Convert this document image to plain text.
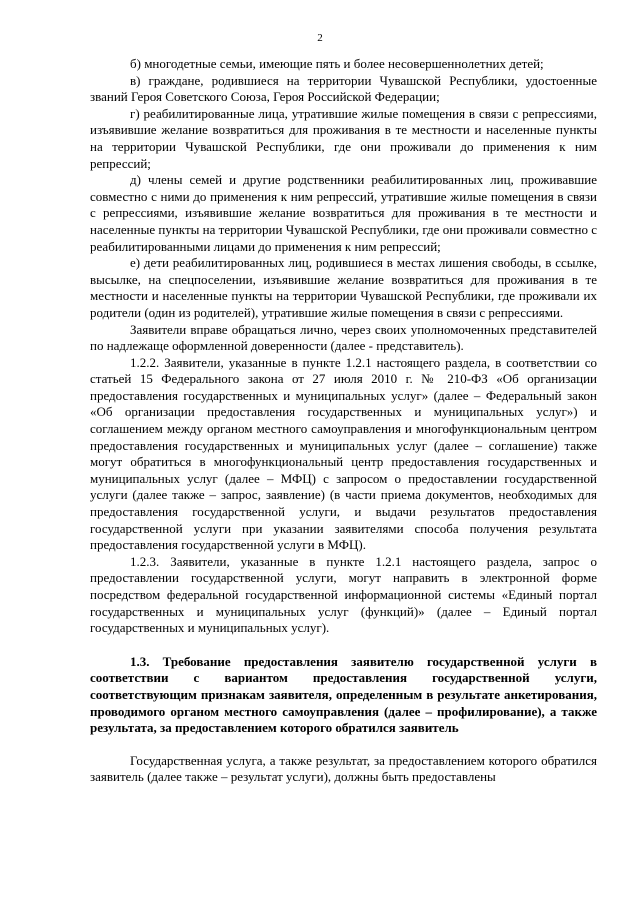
2

б) многодетные семьи, имеющие пять и более несовершеннолетних детей;

в) граждане, родившиеся на территории Чувашской Республики, удостоенные званий Героя Советского Союза, Героя Российской Федерации;

г) реабилитированные лица, утратившие жилые помещения в связи с репрессиями, изъявившие желание возвратиться для проживания в те местности и населенные пункты на территории Чувашской Республики, где они проживали до применения к ним репрессий;

д) члены семей и другие родственники реабилитированных лиц, проживавшие совместно с ними до применения к ним репрессий, утратившие жилые помещения в связи с репрессиями, изъявившие желание возвратиться для проживания в те местности и населенные пункты на территории Чувашской Республики, где они проживали совместно с реабилитированными лицами до применения к ним репрессий;

е) дети реабилитированных лиц, родившиеся в местах лишения свободы, в ссылке, высылке, на спецпоселении, изъявившие желание возвратиться для проживания в те местности и населенные пункты на территории Чувашской Республики, где проживали их родители (один из родителей), утратившие жилые помещения в связи с репрессиями.

Заявители вправе обращаться лично, через своих уполномоченных представителей по надлежаще оформленной доверенности (далее - представитель).

1.2.2. Заявители, указанные в пункте 1.2.1 настоящего раздела, в соответствии со статьей 15 Федерального закона от 27 июля 2010 г. № 210-ФЗ «Об организации предоставления государственных и муниципальных услуг» (далее – Федеральный закон «Об организации предоставления государственных и муниципальных услуг») и соглашением между органом местного самоуправления и многофункциональным центром предоставления государственных и муниципальных услуг (далее – соглашение) также могут обратиться в многофункциональный центр предоставления государственных и муниципальных услуг (далее – МФЦ) с запросом о предоставлении государственной услуги (далее также – запрос, заявление) (в части приема документов, необходимых для предоставления государственной услуги, и выдачи результатов предоставления государственной услуги при указании заявителями способа получения результата предоставления государственной услуги в МФЦ).

1.2.3. Заявители, указанные в пункте 1.2.1 настоящего раздела, запрос о предоставлении государственной услуги, могут направить в электронной форме посредством федеральной государственной информационной системы «Единый портал государственных и муниципальных услуг (функций)» (далее – Единый портал государственных и муниципальных услуг).

1.3. Требование предоставления заявителю государственной услуги в соответствии с вариантом предоставления государственной услуги, соответствующим признакам заявителя, определенным в результате анкетирования, проводимого органом местного самоуправления (далее – профилирование), а также результата, за предоставлением которого обратился заявитель

Государственная услуга, а также результат, за предоставлением которого обратился заявитель (далее также – результат услуги), должны быть предоставлены
